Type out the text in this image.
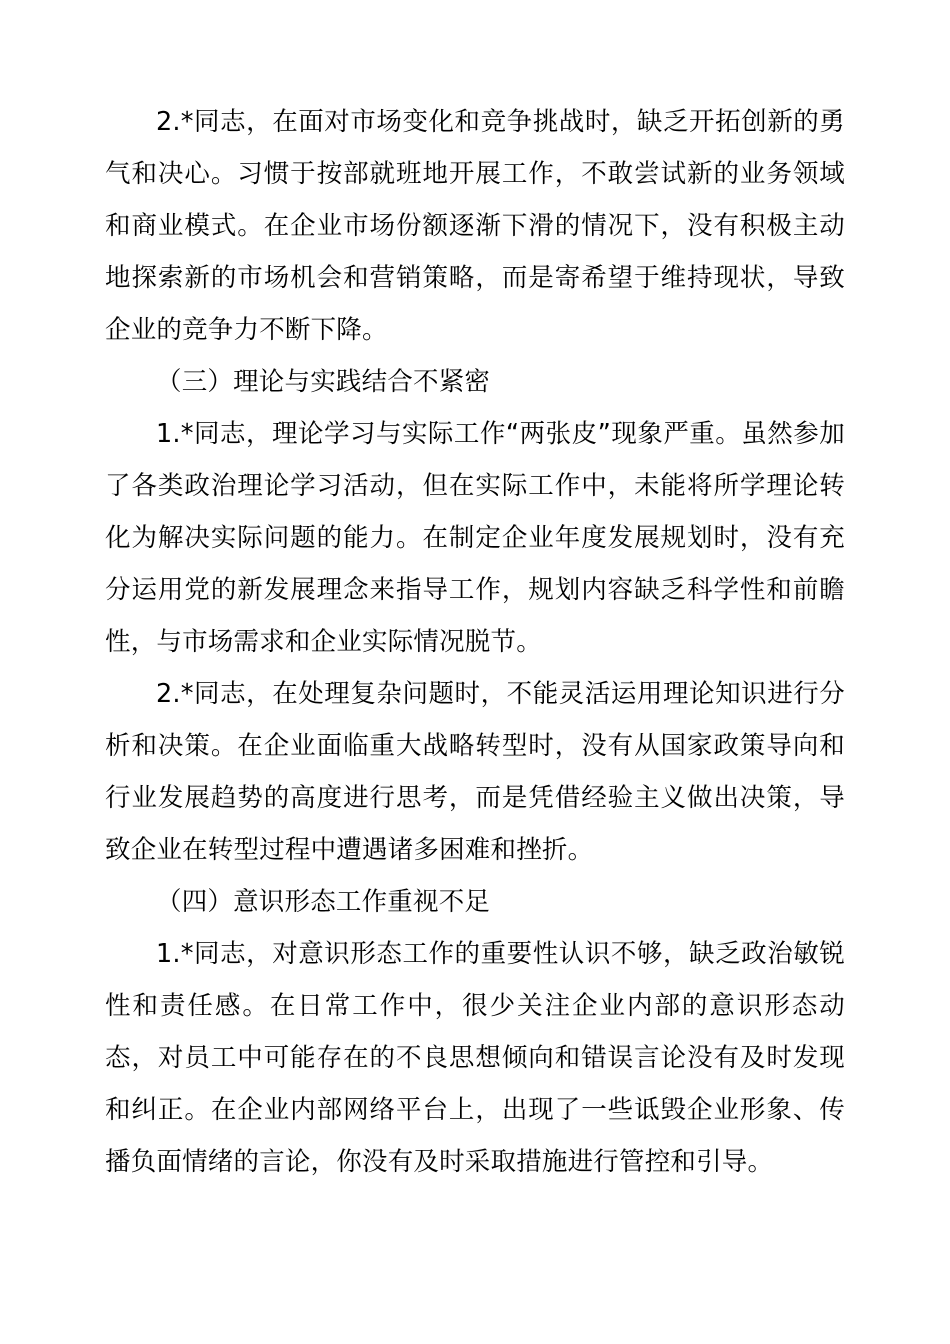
2.*同志，在面对市场变化和竞争挑战时，缺乏开拓创新的勇气和决心。习惯于按部就班地开展工作，不敢尝试新的业务领域和商业模式。在企业市场份额逐渐下滑的情况下，没有积极主动地探索新的市场机会和营销策略，而是寄希望于维持现状，导致企业的竞争力不断下降。

（三）理论与实践结合不紧密

1.*同志，理论学习与实际工作“两张皮”现象严重。虽然参加了各类政治理论学习活动，但在实际工作中，未能将所学理论转化为解决实际问题的能力。在制定企业年度发展规划时，没有充分运用党的新发展理念来指导工作，规划内容缺乏科学性和前瞻性，与市场需求和企业实际情况脱节。

2.*同志，在处理复杂问题时，不能灵活运用理论知识进行分析和决策。在企业面临重大战略转型时，没有从国家政策导向和行业发展趋势的高度进行思考，而是凭借经验主义做出决策，导致企业在转型过程中遭遇诸多困难和挫折。

（四）意识形态工作重视不足

1.*同志，对意识形态工作的重要性认识不够，缺乏政治敏锐性和责任感。在日常工作中，很少关注企业内部的意识形态动态，对员工中可能存在的不良思想倾向和错误言论没有及时发现和纠正。在企业内部网络平台上，出现了一些诋毁企业形象、传播负面情绪的言论，你没有及时采取措施进行管控和引导。
